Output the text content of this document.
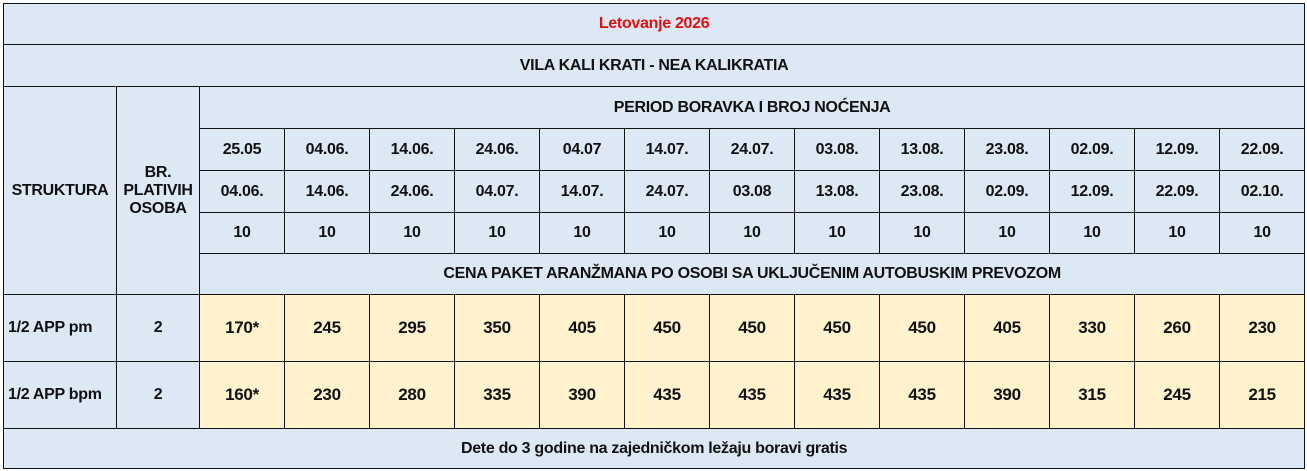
Letovanje 2026														
VILA KALI KRATI - NEA KALIKRATIA														
STRUKTURA	BR.
PLATIVIH
OSOBA	PERIOD BORAVKA I BROJ NOĆENJA												
		25.05	04.06.	14.06.	24.06.	04.07	14.07.	24.07.	03.08.	13.08.	23.08.	02.09.	12.09.	22.09.
		04.06.	14.06.	24.06.	04.07.	14.07.	24.07.	03.08	13.08.	23.08.	02.09.	12.09.	22.09.	02.10.
		10	10	10	10	10	10	10	10	10	10	10	10	10
		CENA PAKET ARANŽMANA PO OSOBI SA UKLJUČENIM AUTOBUSKIM PREVOZOM												
1/2 APP pm	2	170*	245	295	350	405	450	450	450	450	405	330	260	230
1/2 APP bpm	2	160*	230	280	335	390	435	435	435	435	390	315	245	215
Dete do 3 godine na zajedničkom ležaju boravi gratis														
